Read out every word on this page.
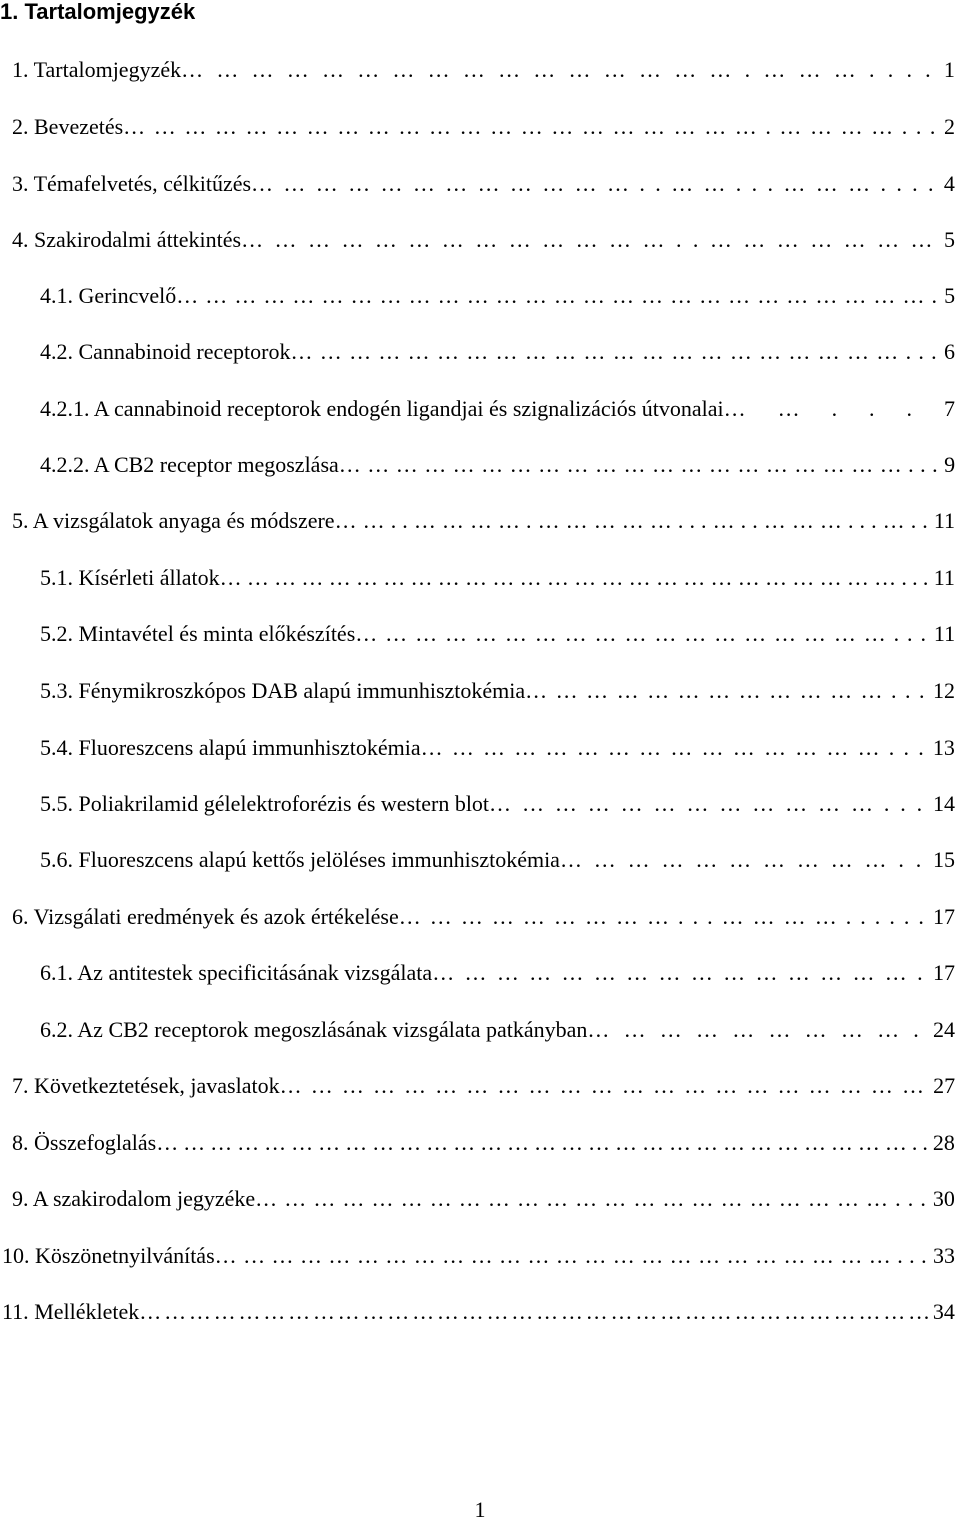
1. Tartalomjegyzék
1. Tartalomjegyzék………………………………………….………....1
2. Bevezetés……………………………………………………….…………...2
3. Témafelvetés, célkitűzés………………………………..……...………....4
4. Szakirodalmi áttekintés…………………………………..…………………5
4.1. Gerincvelő…………………………………………………………………….5
4.2. Cannabinoid receptorok………………………………………………………...6
4.2.1. A cannabinoid receptorok endogén ligandjai és szignalizációs útvonalai……...7
4.2.2. A CB2 receptor megoszlása……………………………………………………...9
5. A vizsgálatok anyaga és módszere……..………….……………...…..………...…..11
5.1. Kísérleti állatok…………………………………………………………………...11
5.2. Mintavétel és minta előkészítés………………………………………………...11
5.3. Fénymikroszkópos DAB alapú immunhisztokémia………………………………...12
5.4. Fluoreszcens alapú immunhisztokémia………………………………………...13
5.5. Poliakrilamid gélelektroforézis és western blot………………………………...14
5.6. Fluoreszcens alapú kettős jelöléses immunhisztokémia…………………………..15
6. Vizsgálati eredmények és azok értékelése………………………...…………......17
6.1. Az antitestek specificitásának vizsgálata……………………………………….17
6.2. Az CB2 receptorok megoszlásának vizsgálata patkányban……………………….24
7. Következtetések, javaslatok………………………………………………………27
8. Összefoglalás…………………………………………………………………………..28
9. A szakirodalom jegyzéke…………………………………………………………...30
10. Köszönetnyilvánítás………………………………………………………………...33
11. Mellékletek……………………………………………………………………………………34
1
